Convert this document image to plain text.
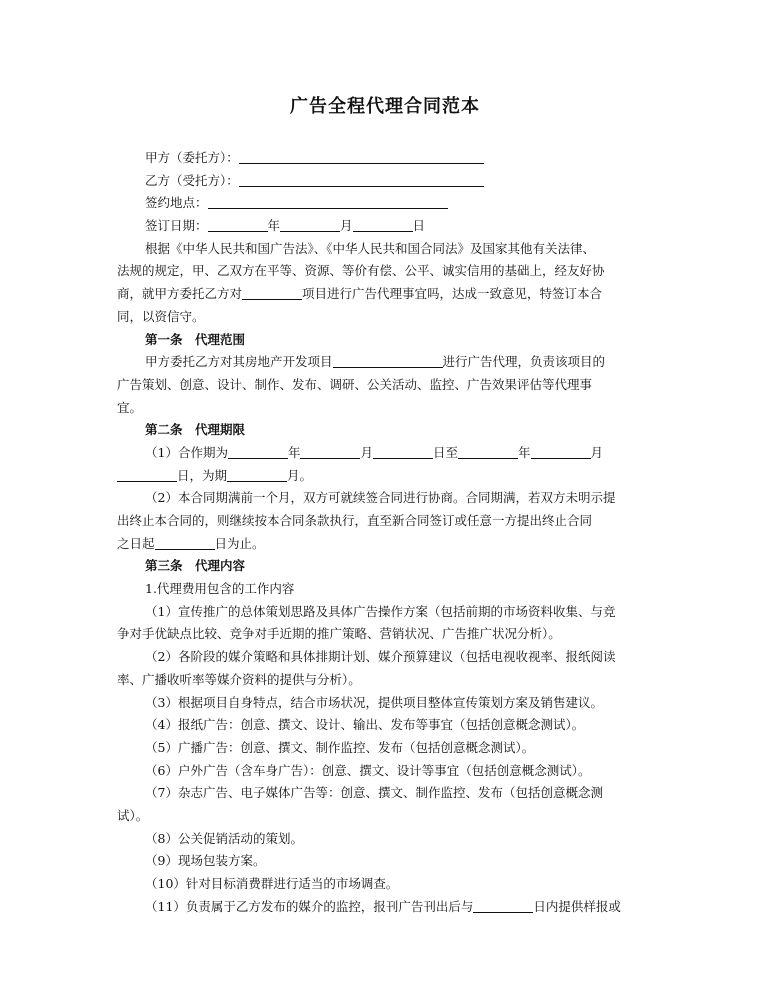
广告全程代理合同范本
甲方（委托方）：
乙方（受托方）：
签约地点：
签订日期：	年	月	日
根据《中华人民共和国广告法》、《中华人民共和国合同法》及国家其他有关法律、
法规的规定，甲、乙双方在平等、资源、等价有偿、公平、诚实信用的基础上，经友好协
商，就甲方委托乙方对	项目进行广告代理事宜吗，达成一致意见，特签订本合
同，以资信守。
第一条　代理范围
甲方委托乙方对其房地产开发项目	进行广告代理，负责该项目的
广告策划、创意、设计、制作、发布、调研、公关活动、监控、广告效果评估等代理事
宜。
第二条　代理期限
（1）合作期为	年	月	日至	年	月
日，为期	月。
（2）本合同期满前一个月，双方可就续签合同进行协商。合同期满，若双方未明示提
出终止本合同的，则继续按本合同条款执行，直至新合同签订或任意一方提出终止合同
之日起	日为止。
第三条　代理内容
1.代理费用包含的工作内容
（1）宣传推广的总体策划思路及具体广告操作方案（包括前期的市场资料收集、与竞
争对手优缺点比较、竞争对手近期的推广策略、营销状况、广告推广状况分析）。
（2）各阶段的媒介策略和具体排期计划、媒介预算建议（包括电视收视率、报纸阅读
率、广播收听率等媒介资料的提供与分析）。
（3）根据项目自身特点，结合市场状况，提供项目整体宣传策划方案及销售建议。
（4）报纸广告：创意、撰文、设计、输出、发布等事宜（包括创意概念测试）。
（5）广播广告：创意、撰文、制作监控、发布（包括创意概念测试）。
（6）户外广告（含车身广告）：创意、撰文、设计等事宜（包括创意概念测试）。
（7）杂志广告、电子媒体广告等：创意、撰文、制作监控、发布（包括创意概念测
试）。
（8）公关促销活动的策划。
（9）现场包装方案。
（10）针对目标消费群进行适当的市场调查。
（11）负责属于乙方发布的媒介的监控，报刊广告刊出后与	日内提供样报或
